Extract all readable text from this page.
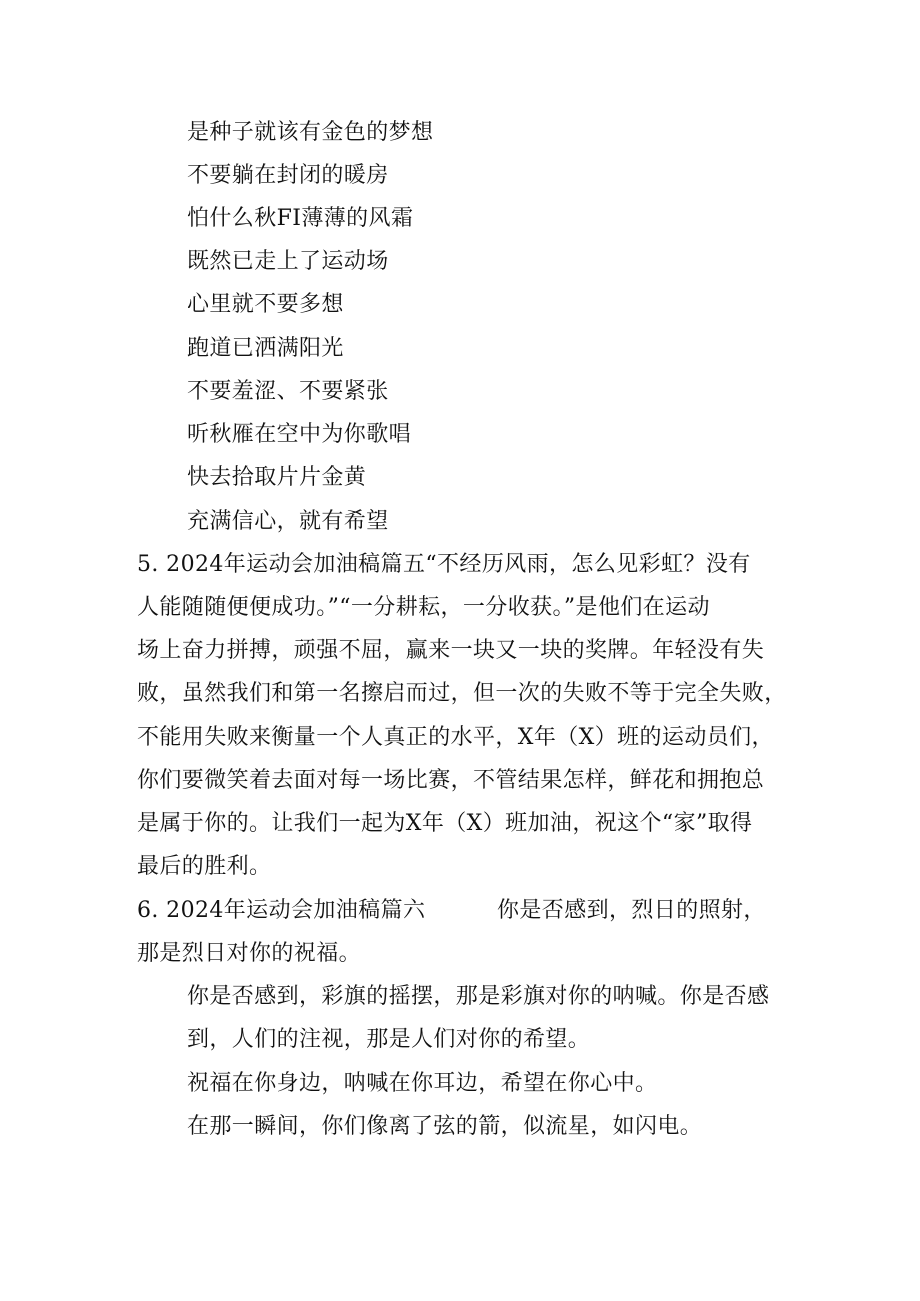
是种子就该有金色的梦想
不要躺在封闭的暖房
怕什么秋FI薄薄的风霜
既然已走上了运动场
心里就不要多想
跑道已洒满阳光
不要羞涩、不要紧张
听秋雁在空中为你歌唱
快去拾取片片金黄
充满信心，就有希望
5. 2024年运动会加油稿篇五“不经历风雨，怎么见彩虹？没有
人能随随便便成功。”“一分耕耘，一分收获。”是他们在运动
场上奋力拼搏，顽强不屈，赢来一块又一块的奖牌。年轻没有失
败，虽然我们和第一名擦启而过，但一次的失败不等于完全失败，
不能用失败来衡量一个人真正的水平，X年（X）班的运动员们，
你们要微笑着去面对每一场比赛，不管结果怎样，鲜花和拥抱总
是属于你的。让我们一起为X年（X）班加油，祝这个“家”取得
最后的胜利。
6. 2024年运动会加油稿篇六	你是否感到，烈日的照射，
那是烈日对你的祝福。
你是否感到，彩旗的摇摆，那是彩旗对你的呐喊。你是否感
到，人们的注视，那是人们对你的希望。
祝福在你身边，呐喊在你耳边，希望在你心中。
在那一瞬间，你们像离了弦的箭，似流星，如闪电。
